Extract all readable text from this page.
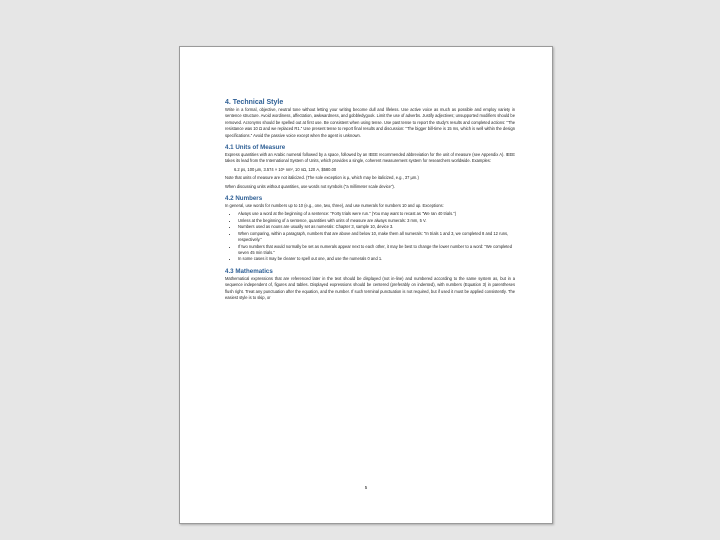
4. Technical Style

Write in a formal, objective, neutral tone without letting your writing become dull and lifeless. Use active voice as much as possible and employ variety in sentence structure. Avoid wordiness, affectation, awkwardness, and gobbledygook. Limit the use of adverbs. Justify adjectives; unsupported modifiers should be removed. Acronyms should be spelled out at first use. Be consistent when using tense. Use past tense to report the study's results and completed actions: "The resistance was 10 Ω and we replaced R1." Use present tense to report final results and discussion: "The bigger bill-time is 15 ms, which is well within the design specifications." Avoid the passive voice except when the agent is unknown.

4.1 Units of Measure

Express quantities with an Arabic numeral followed by a space, followed by an IEEE recommended abbreviation for the unit of measure (see Appendix A). IEEE takes its lead from the International System of Units, which provides a single, coherent measurement system for researchers worldwide. Examples:

6.2 ps, 100 µm, 3.574 × 10⁵ nm², 10 nΩ, 120 A, $580.00

Note that units of measure are not italicized. (The sole exception is µ, which may be italicized, e.g., 37 µm.)

When discussing units without quantities, use words not symbols ("a millimeter scale device").

4.2 Numbers

In general, use words for numbers up to 10 (e.g., one, two, three), and use numerals for numbers 10 and up. Exceptions:

• Always use a word at the beginning of a sentence: "Forty trials were run." (You may want to recast as "We ran 40 trials.")
• Unless at the beginning of a sentence, quantities with units of measure are always numerals: 3 mm, 5 V.
• Numbers used as nouns are usually set as numerals: Chapter 3, sample 10, device 3.
• When comparing, within a paragraph, numbers that are above and below 10, make them all numerals: "In trials 1 and 3, we completed 8 and 12 runs, respectively."
• If two numbers that would normally be set as numerals appear next to each other, it may be best to change the lower number to a word: "We completed seven 45 min trials."
• In some cases it may be clearer to spell out one, and use the numerals 0 and 1.
4.3 Mathematics

Mathematical expressions that are referenced later in the text should be displayed (not in-line) and numbered according to the same system as, but in a sequence independent of, figures and tables. Displayed expressions should be centered (preferably on indented), with numbers (Equation 3) in parentheses flush right. Treat any punctuation after the equation, and the number. If such terminal punctuation is not required, but if used it must be applied consistently. The easiest style is to skip, or

5
